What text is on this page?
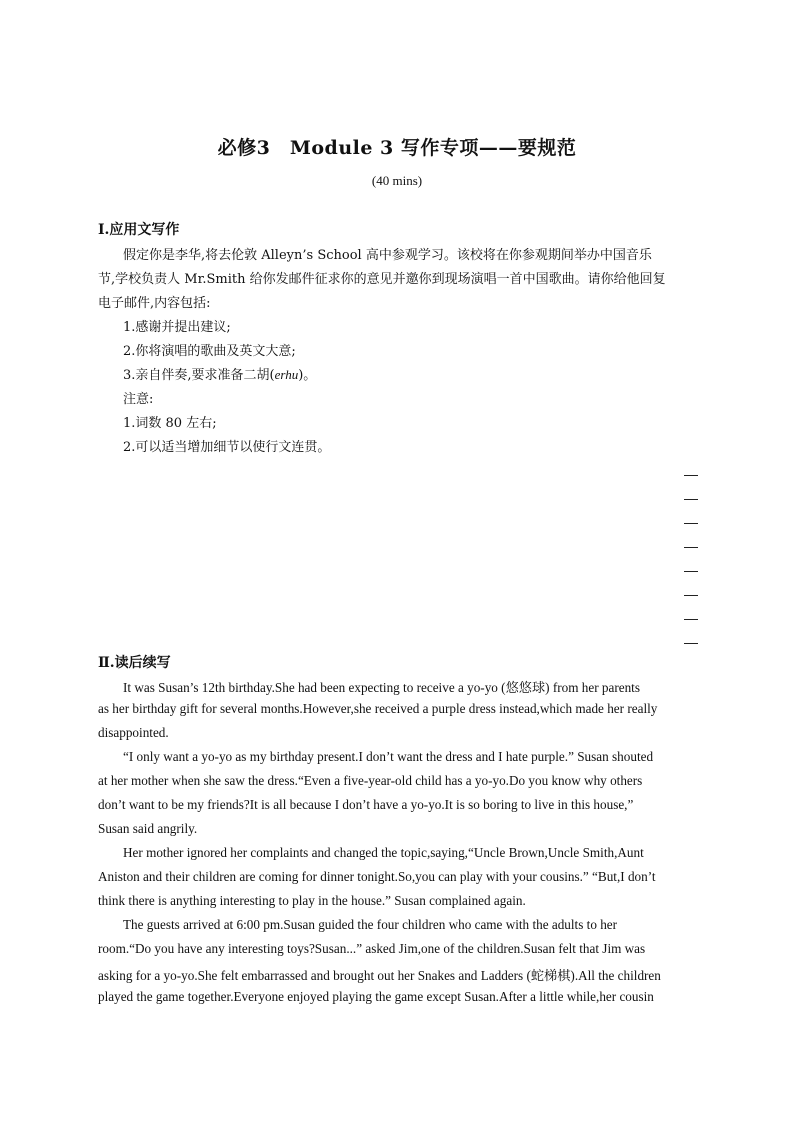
必修3　Module 3 写作专项——要规范
(40 mins)
Ⅰ.应用文写作
假定你是李华,将去伦敦 Alleyn’s School 高中参观学习。该校将在你参观期间举办中国音乐
节,学校负责人 Mr.Smith 给你发邮件征求你的意见并邀你到现场演唱一首中国歌曲。请你给他回复
电子邮件,内容包括:
1.感谢并提出建议;
2.你将演唱的歌曲及英文大意;
3.亲自伴奏,要求准备二胡(erhu)。
注意:
1.词数 80 左右;
2.可以适当增加细节以使行文连贯。
Ⅱ.读后续写
It was Susan’s 12th birthday.She had been expecting to receive a yo-yo (悠悠球) from her parents
as her birthday gift for several months.However,she received a purple dress instead,which made her really
disappointed.
“I only want a yo-yo as my birthday present.I don’t want the dress and I hate purple.” Susan shouted
at her mother when she saw the dress.“Even a five-year-old child has a yo-yo.Do you know why others
don’t want to be my friends?It is all because I don’t have a yo-yo.It is so boring to live in this house,”
Susan said angrily.
Her mother ignored her complaints and changed the topic,saying,“Uncle Brown,Uncle Smith,Aunt
Aniston and their children are coming for dinner tonight.So,you can play with your cousins.” “But,I don’t
think there is anything interesting to play in the house.” Susan complained again.
The guests arrived at 6:00 pm.Susan guided the four children who came with the adults to her
room.“Do you have any interesting toys?Susan...” asked Jim,one of the children.Susan felt that Jim was
asking for a yo-yo.She felt embarrassed and brought out her Snakes and Ladders (蛇梯棋).All the children
played the game together.Everyone enjoyed playing the game except Susan.After a little while,her cousin
